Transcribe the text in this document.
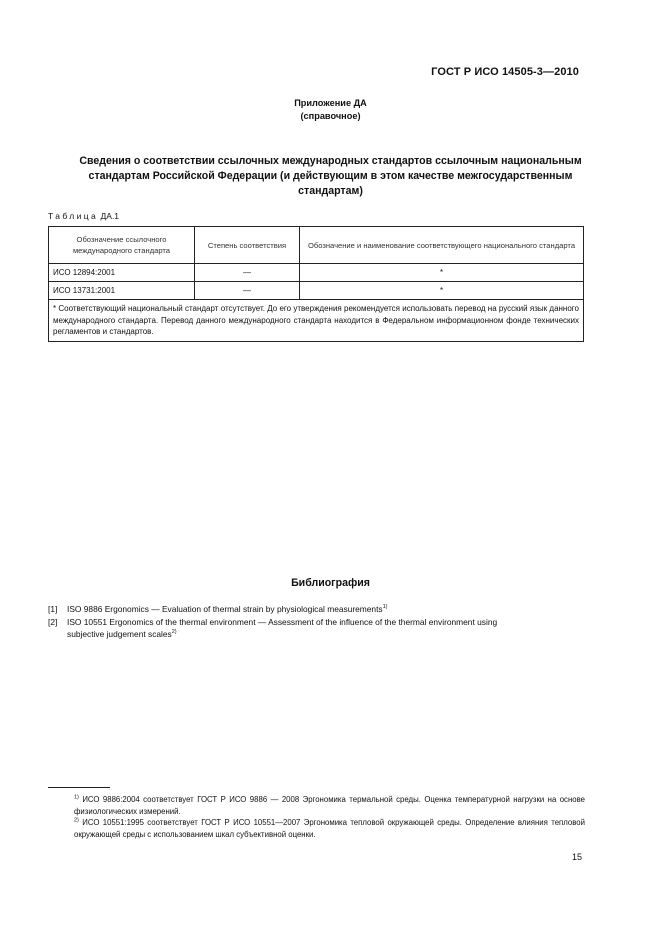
ГОСТ Р ИСО 14505-3—2010
Приложение ДА
(справочное)
Сведения о соответствии ссылочных международных стандартов ссылочным национальным стандартам Российской Федерации (и действующим в этом качестве межгосударственным стандартам)
Таблица ДА.1
Обозначение ссылочного международного стандарта	Степень соответствия	Обозначение и наименование соответствующего национального стандарта
ИСО 12894:2001	—	*
ИСО 13731:2001	—	*
* Соответствующий национальный стандарт отсутствует. До его утверждения рекомендуется использовать перевод на русский язык данного международного стандарта. Перевод данного международного стандарта находится в Федеральном информационном фонде технических регламентов и стандартов.		
Библиография
[1] ISO 9886 Ergonomics — Evaluation of thermal strain by physiological measurements$^{1)}$
[2] ISO 10551 Ergonomics of the thermal environment — Assessment of the influence of the thermal environment using
subjective judgement scales$^{2)}$
$^{1)}$ ИСО 9886:2004 соответствует ГОСТ Р ИСО 9886 — 2008 Эргономика термальной среды. Оценка температурной нагрузки на основе физиологических измерений.
$^{2)}$ ИСО 10551:1995 соответствует ГОСТ Р ИСО 10551—2007 Эргономика тепловой окружающей среды. Определение влияния тепловой окружающей среды с использованием шкал субъективной оценки.
15
